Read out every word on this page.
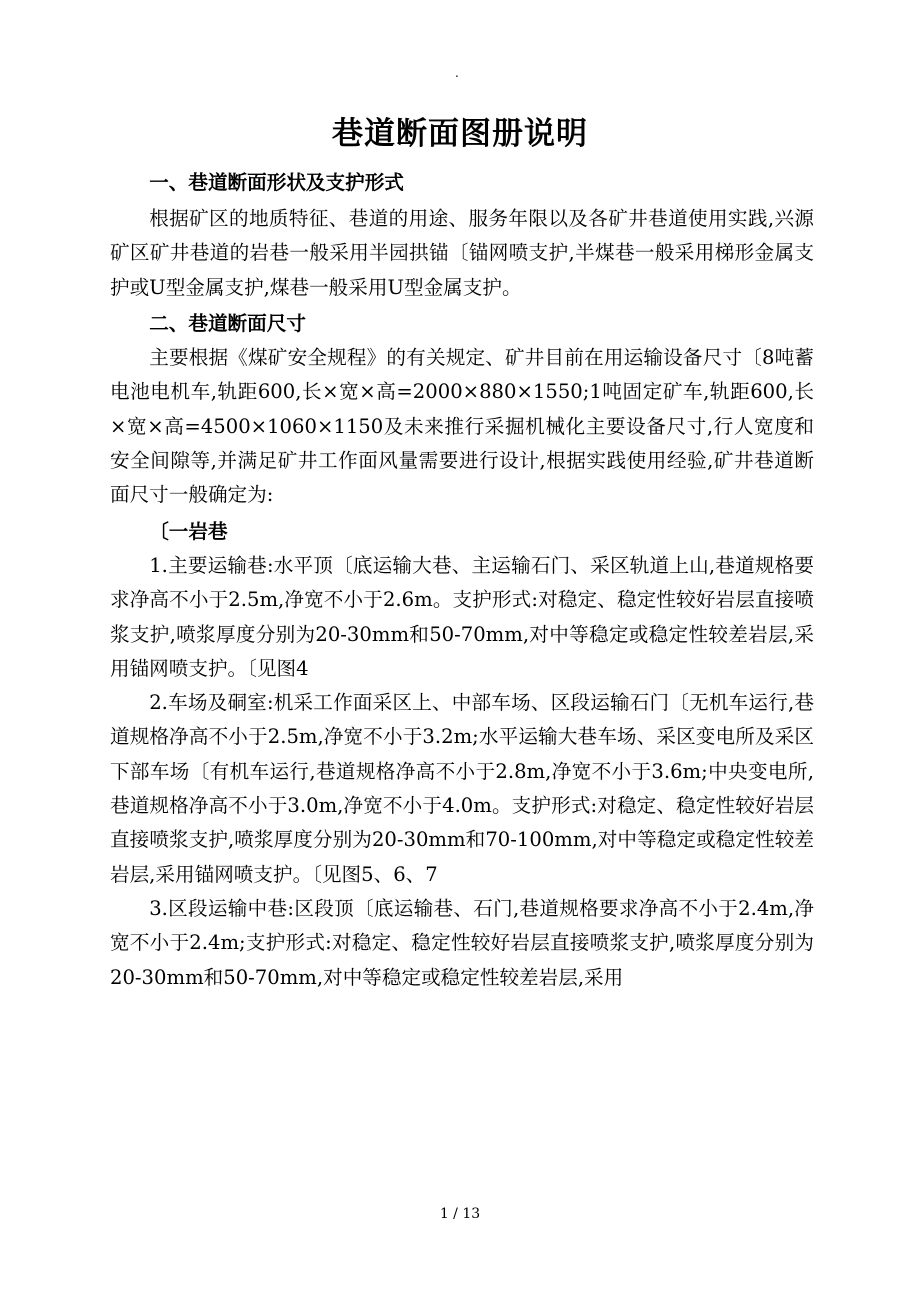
.
巷道断面图册说明
一、巷道断面形状及支护形式

根据矿区的地质特征、巷道的用途、服务年限以及各矿井巷道使用实践,兴源矿区矿井巷道的岩巷一般采用半园拱锚〔锚网喷支护,半煤巷一般采用梯形金属支护或U型金属支护,煤巷一般采用U型金属支护。

二、巷道断面尺寸

主要根据《煤矿安全规程》的有关规定、矿井目前在用运输设备尺寸〔8吨蓄电池电机车,轨距600,长×宽×高=2000×880×1550;1吨固定矿车,轨距600,长×宽×高=4500×1060×1150及未来推行采掘机械化主要设备尺寸,行人宽度和安全间隙等,并满足矿井工作面风量需要进行设计,根据实践使用经验,矿井巷道断面尺寸一般确定为:

〔一岩巷

1.主要运输巷:水平顶〔底运输大巷、主运输石门、采区轨道上山,巷道规格要求净高不小于2.5m,净宽不小于2.6m。支护形式:对稳定、稳定性较好岩层直接喷浆支护,喷浆厚度分别为20-30mm和50-70mm,对中等稳定或稳定性较差岩层,采用锚网喷支护。〔见图4

2.车场及硐室:机采工作面采区上、中部车场、区段运输石门〔无机车运行,巷道规格净高不小于2.5m,净宽不小于3.2m;水平运输大巷车场、采区变电所及采区下部车场〔有机车运行,巷道规格净高不小于2.8m,净宽不小于3.6m;中央变电所,巷道规格净高不小于3.0m,净宽不小于4.0m。支护形式:对稳定、稳定性较好岩层直接喷浆支护,喷浆厚度分别为20-30mm和70-100mm,对中等稳定或稳定性较差岩层,采用锚网喷支护。〔见图5、6、7

3.区段运输中巷:区段顶〔底运输巷、石门,巷道规格要求净高不小于2.4m,净宽不小于2.4m;支护形式:对稳定、稳定性较好岩层直接喷浆支护,喷浆厚度分别为20-30mm和50-70mm,对中等稳定或稳定性较差岩层,采用

1 / 13
